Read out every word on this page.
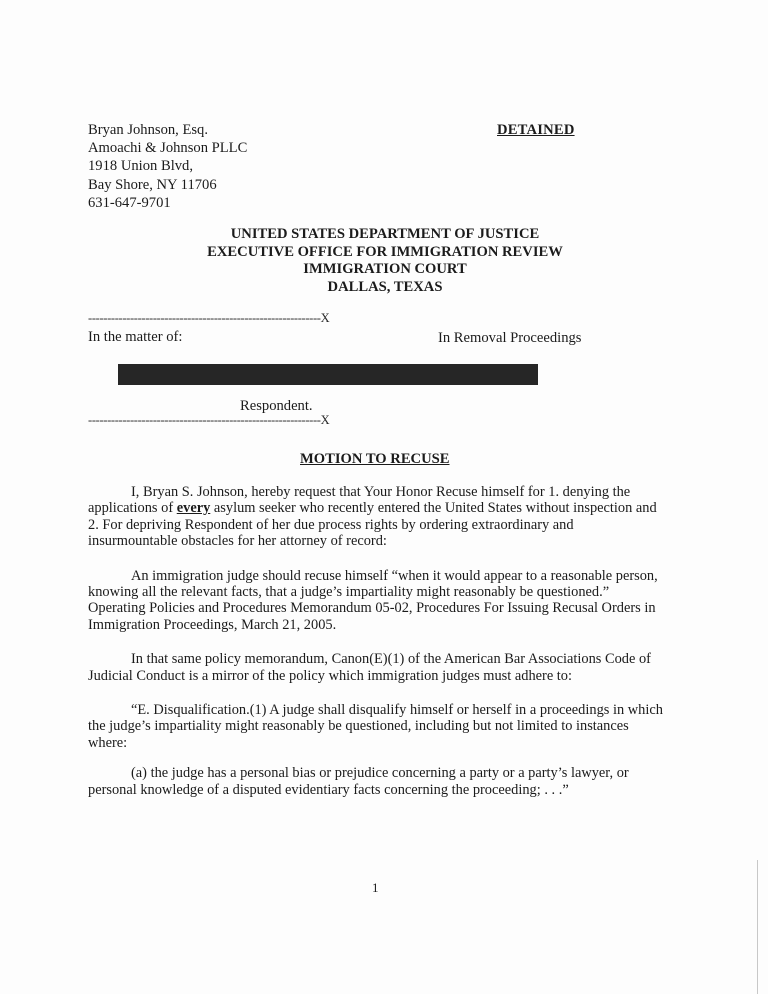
Bryan Johnson, Esq.
Amoachi & Johnson PLLC
1918 Union Blvd,
Bay Shore, NY 11706
631-647-9701
DETAINED
UNITED STATES DEPARTMENT OF JUSTICE
EXECUTIVE OFFICE FOR IMMIGRATION REVIEW
IMMIGRATION COURT
DALLAS, TEXAS
-------------------------------------------------------------X
In the matter of:	In Removal Proceedings
Respondent.
-------------------------------------------------------------X
MOTION TO RECUSE

I, Bryan S. Johnson, hereby request that Your Honor Recuse himself for 1. denying the applications of every asylum seeker who recently entered the United States without inspection and 2. For depriving Respondent of her due process rights by ordering extraordinary and insurmountable obstacles for her attorney of record:

An immigration judge should recuse himself “when it would appear to a reasonable person, knowing all the relevant facts, that a judge’s impartiality might reasonably be questioned.” Operating Policies and Procedures Memorandum 05-02, Procedures For Issuing Recusal Orders in Immigration Proceedings, March 21, 2005.

In that same policy memorandum, Canon(E)(1) of the American Bar Associations Code of Judicial Conduct is a mirror of the policy which immigration judges must adhere to:

“E. Disqualification.(1) A judge shall disqualify himself or herself in a proceedings in which the judge’s impartiality might reasonably be questioned, including but not limited to instances where:

(a) the judge has a personal bias or prejudice concerning a party or a party’s lawyer, or personal knowledge of a disputed evidentiary facts concerning the proceeding; . . .”

1
